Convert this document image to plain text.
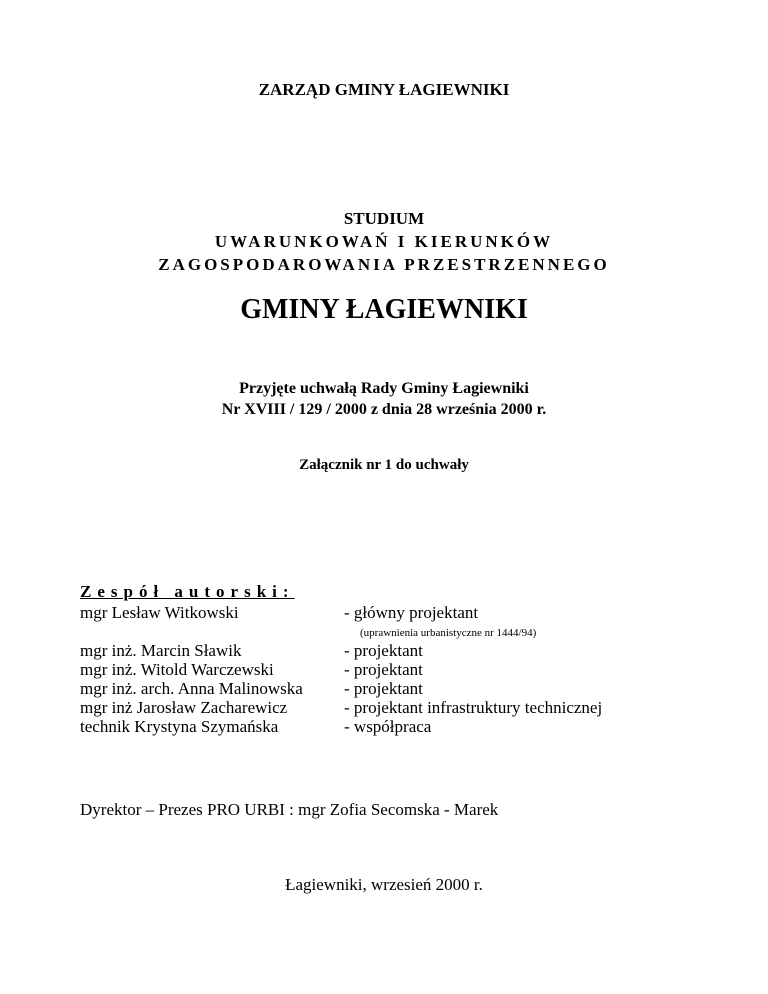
ZARZĄD GMINY ŁAGIEWNIKI
STUDIUM
UWARUNKOWAŃ I KIERUNKÓW
ZAGOSPODAROWANIA PRZESTRZENNEGO
GMINY ŁAGIEWNIKI
Przyjęte uchwałą Rady Gminy Łagiewniki
Nr XVIII / 129 / 2000 z dnia 28 września 2000 r.
Załącznik nr 1 do uchwały
Zespół autorski:
mgr Lesław Witkowski	- główny projektant
(uprawnienia urbanistyczne nr 1444/94)
mgr inż. Marcin Sławik	- projektant
mgr inż. Witold Warczewski	- projektant
mgr inż. arch. Anna Malinowska - projektant
mgr inż Jarosław Zacharewicz	- projektant infrastruktury technicznej
technik Krystyna Szymańska	- współpraca
Dyrektor – Prezes PRO URBI : mgr Zofia Secomska - Marek
Łagiewniki, wrzesień 2000 r.
